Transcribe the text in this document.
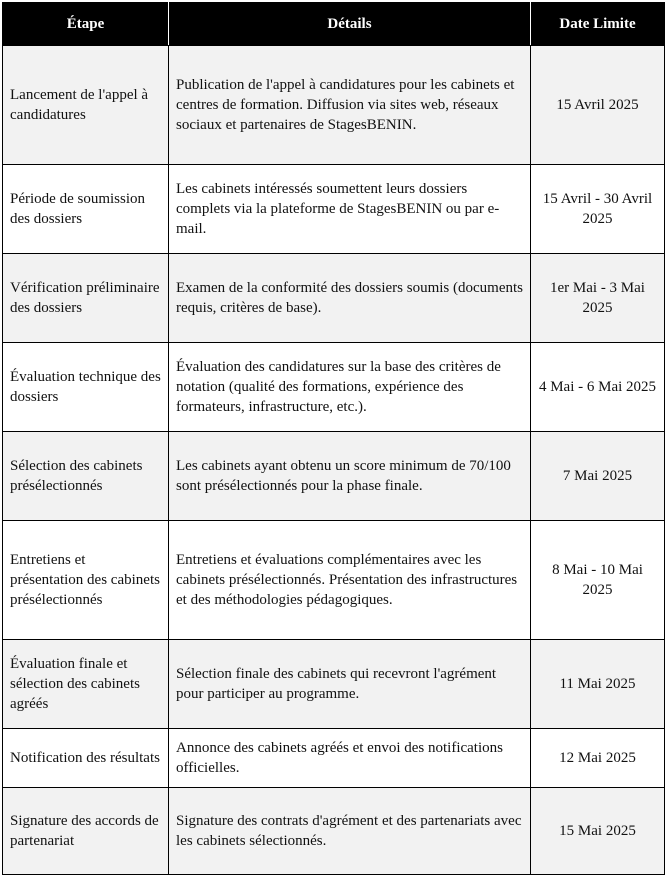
Étape	Détails	Date Limite
Lancement de l'appel à candidatures	Publication de l'appel à candidatures pour les cabinets et centres de formation. Diffusion via sites web, réseaux sociaux et partenaires de StagesBENIN.	15 Avril 2025
Période de soumission des dossiers	Les cabinets intéressés soumettent leurs dossiers complets via la plateforme de StagesBENIN ou par e-mail.	15 Avril - 30 Avril 2025
Vérification préliminaire des dossiers	Examen de la conformité des dossiers soumis (documents requis, critères de base).	1er Mai - 3 Mai 2025
Évaluation technique des dossiers	Évaluation des candidatures sur la base des critères de notation (qualité des formations, expérience des formateurs, infrastructure, etc.).	4 Mai - 6 Mai 2025
Sélection des cabinets présélectionnés	Les cabinets ayant obtenu un score minimum de 70/100 sont présélectionnés pour la phase finale.	7 Mai 2025
Entretiens et présentation des cabinets présélectionnés	Entretiens et évaluations complémentaires avec les cabinets présélectionnés. Présentation des infrastructures et des méthodologies pédagogiques.	8 Mai - 10 Mai 2025
Évaluation finale et sélection des cabinets agréés	Sélection finale des cabinets qui recevront l'agrément pour participer au programme.	11 Mai 2025
Notification des résultats	Annonce des cabinets agréés et envoi des notifications officielles.	12 Mai 2025
Signature des accords de partenariat	Signature des contrats d'agrément et des partenariats avec les cabinets sélectionnés.	15 Mai 2025
